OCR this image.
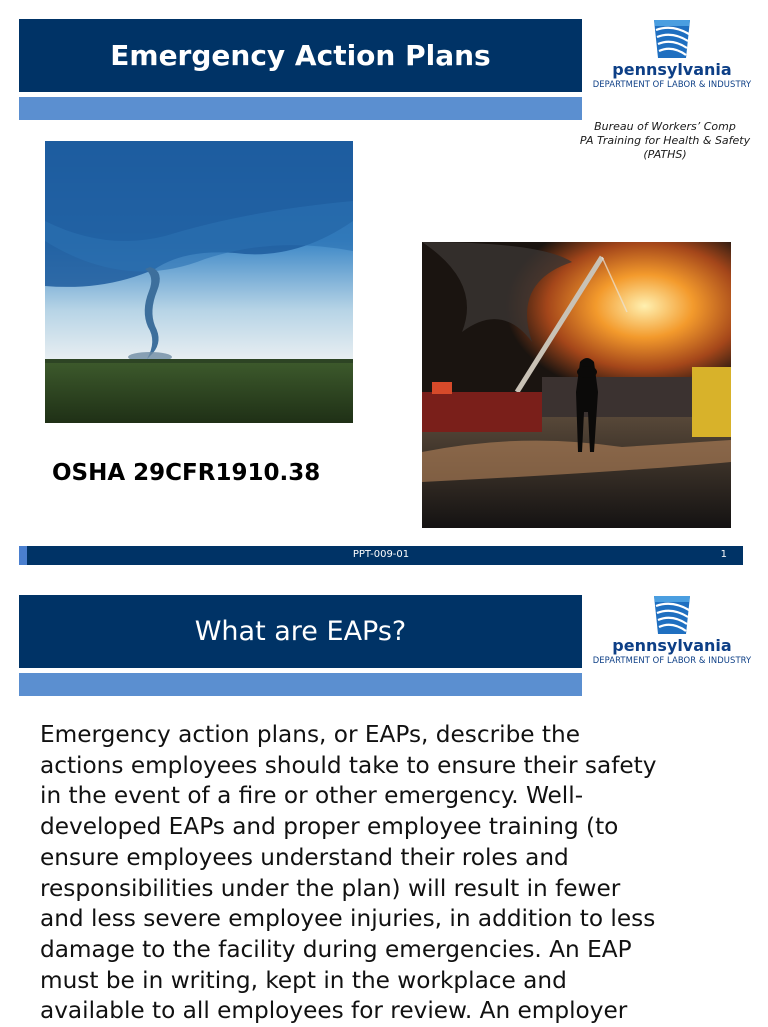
Emergency Action Plans	pennsylvania
DEPARTMENT OF LABOR & INDUSTRY
Bureau of Workers’ Comp
PA Training for Health & Safety
(PATHS)
OSHA 29CFR1910.38
PPT-009-01	1
What are EAPs?	pennsylvania
DEPARTMENT OF LABOR & INDUSTRY
Emergency action plans, or EAPs, describe the
actions employees should take to ensure their safety
in the event of a fire or other emergency. Well-
developed EAPs and proper employee training (to
ensure employees understand their roles and
responsibilities under the plan) will result in fewer
and less severe employee injuries, in addition to less
damage to the facility during emergencies. An EAP
must be in writing, kept in the workplace and
available to all employees for review. An employer
